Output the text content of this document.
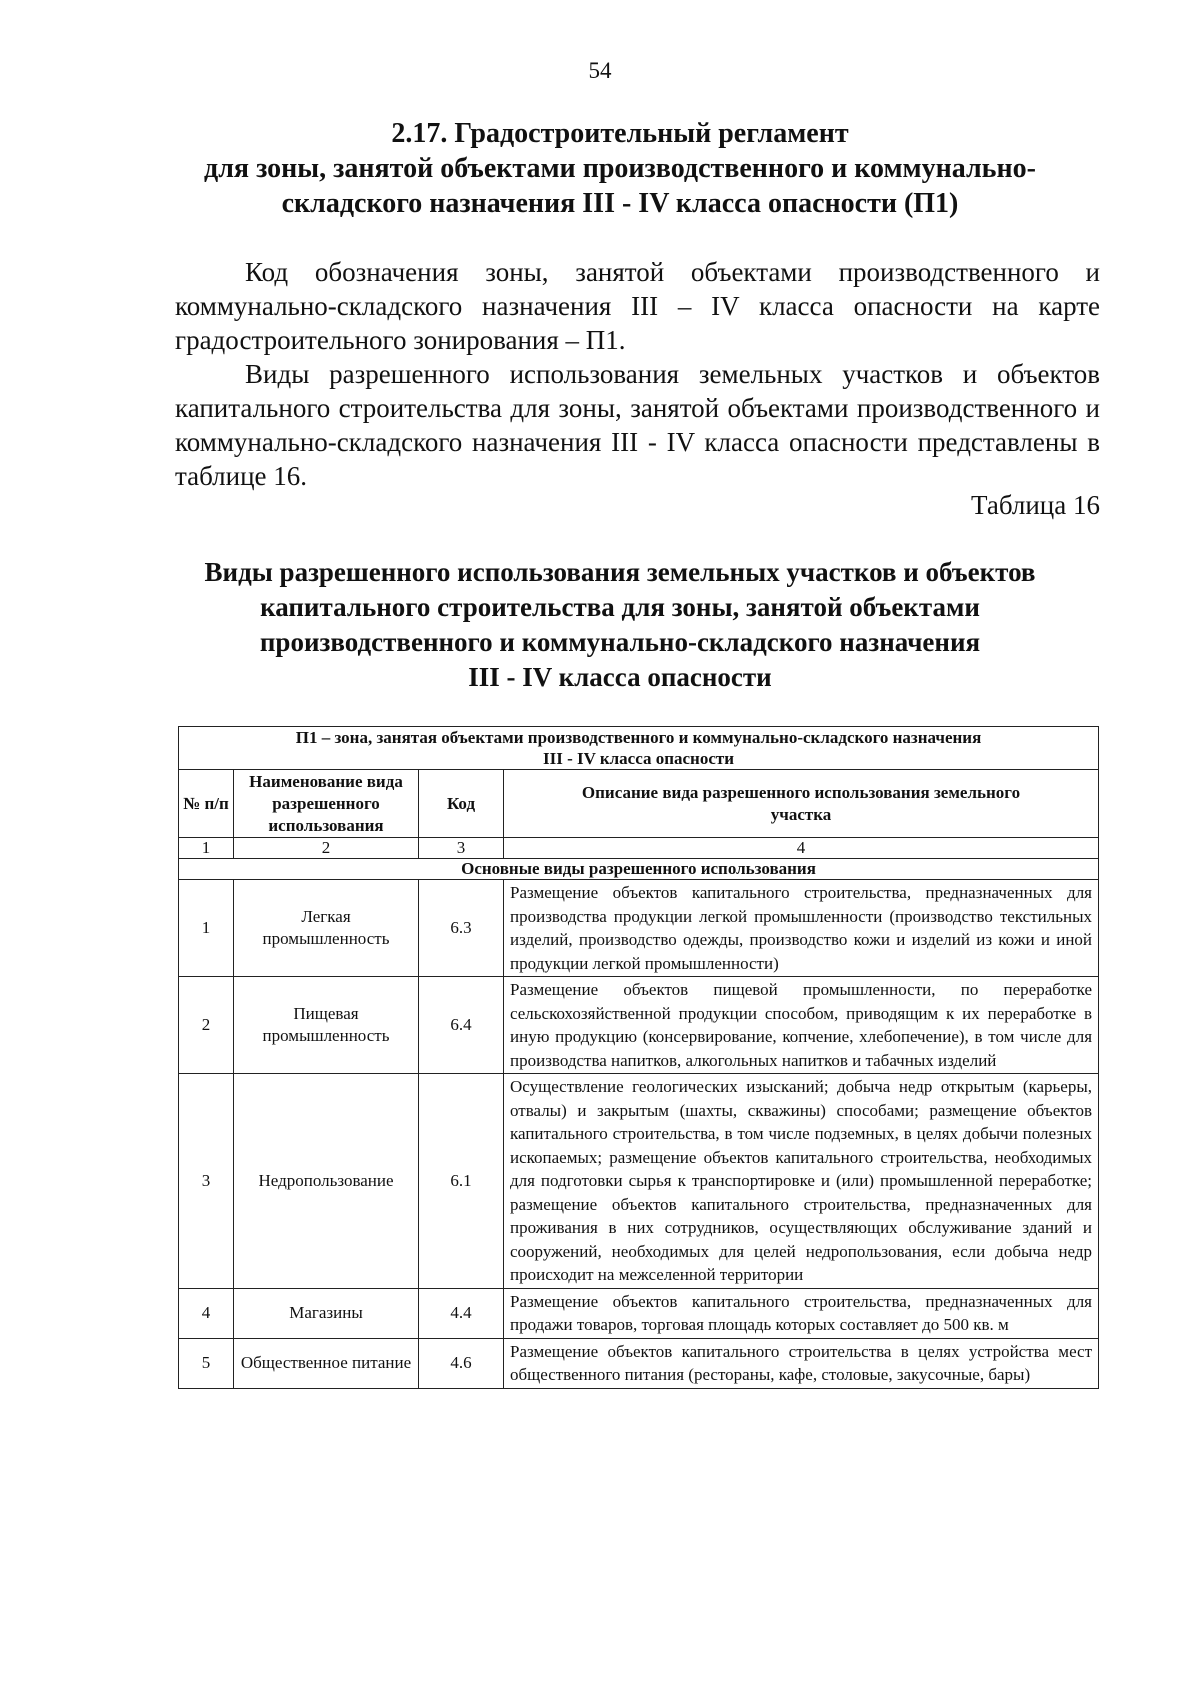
54
2.17. Градостроительный регламент
для зоны, занятой объектами производственного и коммунально-
складского назначения III - IV класса опасности (П1)
Код обозначения зоны, занятой объектами производственного и коммунально-складского назначения III – IV класса опасности на карте градостроительного зонирования – П1.
Виды разрешенного использования земельных участков и объектов капитального строительства для зоны, занятой объектами производственного и коммунально-складского назначения III - IV класса опасности представлены в таблице 16.
Таблица 16
Виды разрешенного использования земельных участков и объектов
капитального строительства для зоны, занятой объектами
производственного и коммунально-складского назначения
III - IV класса опасности
П1 – зона, занятая объектами производственного и коммунально-складского назначения
III - IV класса опасности			

№ п/п	Наименование вида разрешенного использования	Код	Описание вида разрешенного использования земельного участка
1	2	3	4
Основные виды разрешенного использования			
1	Легкая промышленность	6.3	Размещение объектов капитального строительства, предназначенных для производства продукции легкой промышленности (производство текстильных изделий, производство одежды, производство кожи и изделий из кожи и иной продукции легкой промышленности)
2	Пищевая промышленность	6.4	Размещение объектов пищевой промышленности, по переработке сельскохозяйственной продукции способом, приводящим к их переработке в иную продукцию (консервирование, копчение, хлебопечение), в том числе для производства напитков, алкогольных напитков и табачных изделий
3	Недропользование	6.1	Осуществление геологических изысканий; добыча недр открытым (карьеры, отвалы) и закрытым (шахты, скважины) способами; размещение объектов капитального строительства, в том числе подземных, в целях добычи полезных ископаемых; размещение объектов капитального строительства, необходимых для подготовки сырья к транспортировке и (или) промышленной переработке; размещение объектов капитального строительства, предназначенных для проживания в них сотрудников, осуществляющих обслуживание зданий и сооружений, необходимых для целей недропользования, если добыча недр происходит на межселенной территории
4	Магазины	4.4	Размещение объектов капитального строительства, предназначенных для продажи товаров, торговая площадь которых составляет до 500 кв. м
5	Общественное питание	4.6	Размещение объектов капитального строительства в целях устройства мест общественного питания (рестораны, кафе, столовые, закусочные, бары)
